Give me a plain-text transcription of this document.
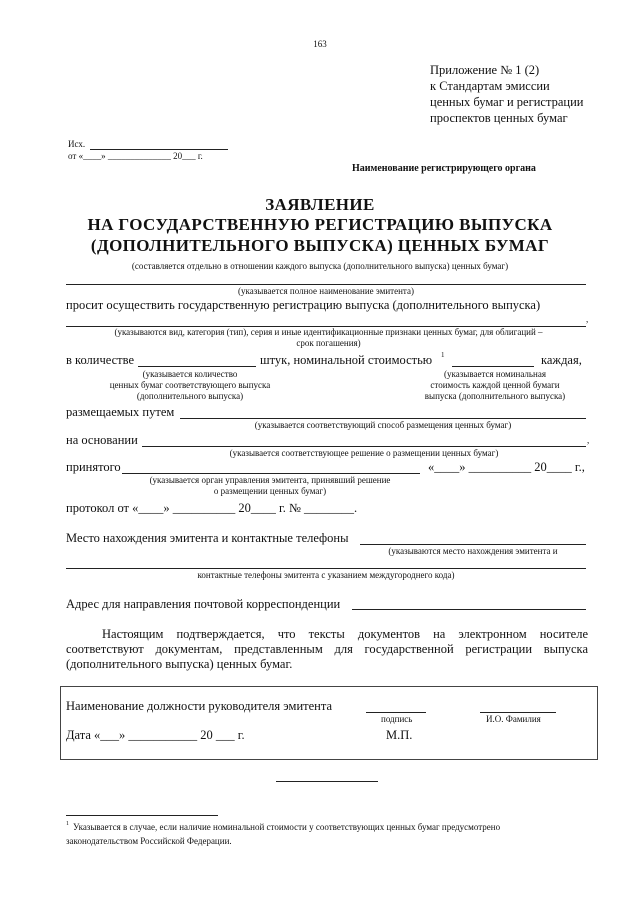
163
Приложение № 1 (2)
к Стандартам эмиссии
ценных бумаг и регистрации
проспектов ценных бумаг
Исх.
от «____» ______________ 20___ г.
Наименование регистрирующего органа
ЗАЯВЛЕНИЕ
НА ГОСУДАРСТВЕННУЮ РЕГИСТРАЦИЮ ВЫПУСКА
(ДОПОЛНИТЕЛЬНОГО ВЫПУСКА) ЦЕННЫХ БУМАГ
(составляется отдельно в отношении каждого выпуска (дополнительного выпуска) ценных бумаг)
(указывается полное наименование эмитента)
просит осуществить государственную регистрацию выпуска (дополнительного выпуска)
,
(указываются вид, категория (тип), серия и иные идентификационные признаки ценных бумаг, для облигаций –
срок погашения)
в количестве	штук, номинальной стоимостью 1	каждая,
(указывается количество
ценных бумаг соответствующего выпуска
(дополнительного выпуска)
(указывается номинальная
стоимость каждой ценной бумаги
выпуска (дополнительного выпуска)
размещаемых путем
(указывается соответствующий способ размещения ценных бумаг)
на основании	,
(указывается соответствующее решение о размещении ценных бумаг)
принятого	«____» __________ 20____ г.,
(указывается орган управления эмитента, принявший решение
о размещении ценных бумаг)
протокол от «____» __________ 20____ г. № ________.
Место нахождения эмитента и контактные телефоны
(указываются место нахождения эмитента и
контактные телефоны эмитента с указанием междугороднего кода)
Адрес для направления почтовой корреспонденции
Настоящим подтверждается, что тексты документов на электронном носителе
соответствуют документам, представленным для государственной регистрации выпуска
(дополнительного выпуска) ценных бумаг.
Наименование должности руководителя эмитента
подпись	И.О. Фамилия
Дата «___» ___________ 20 ___ г.	М.П.
1 Указывается в случае, если наличие номинальной стоимости у соответствующих ценных бумаг предусмотрено
законодательством Российской Федерации.
